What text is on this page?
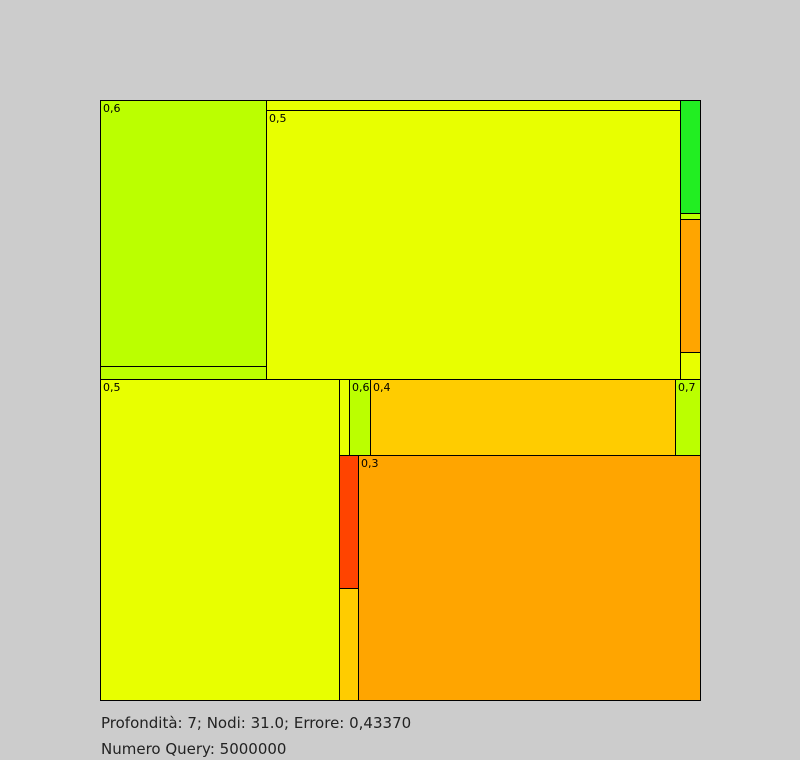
0,6
0,5
0,5	0,6 0,4	0,7
0,3
Profondità: 7; Nodi: 31.0; Errore: 0,43370
Numero Query: 5000000
